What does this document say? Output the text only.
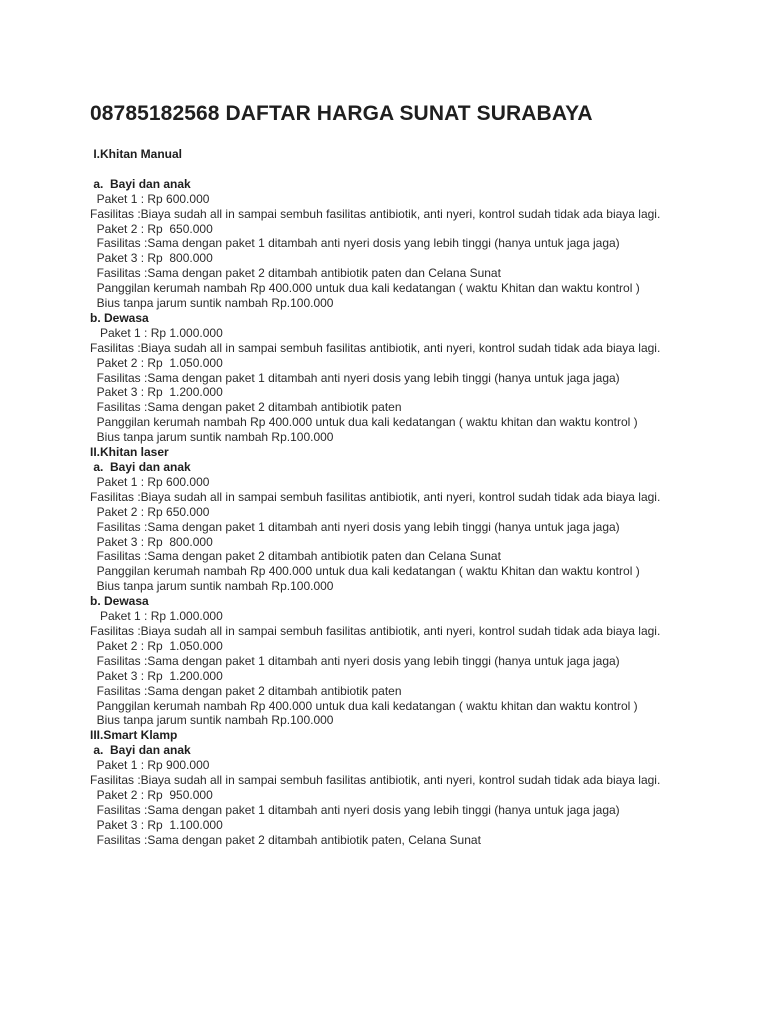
08785182568 DAFTAR HARGA SUNAT SURABAYA
I.Khitan Manual
a.  Bayi dan anak
Paket 1 : Rp 600.000
Fasilitas :Biaya sudah all in sampai sembuh fasilitas antibiotik, anti nyeri, kontrol sudah tidak ada biaya lagi.
Paket 2 : Rp  650.000
Fasilitas :Sama dengan paket 1 ditambah anti nyeri dosis yang lebih tinggi (hanya untuk jaga jaga)
Paket 3 : Rp  800.000
Fasilitas :Sama dengan paket 2 ditambah antibiotik paten dan Celana Sunat
Panggilan kerumah nambah Rp 400.000 untuk dua kali kedatangan ( waktu Khitan dan waktu kontrol )
Bius tanpa jarum suntik nambah Rp.100.000
b. Dewasa
Paket 1 : Rp 1.000.000
Fasilitas :Biaya sudah all in sampai sembuh fasilitas antibiotik, anti nyeri, kontrol sudah tidak ada biaya lagi.
Paket 2 : Rp  1.050.000
Fasilitas :Sama dengan paket 1 ditambah anti nyeri dosis yang lebih tinggi (hanya untuk jaga jaga)
Paket 3 : Rp  1.200.000
Fasilitas :Sama dengan paket 2 ditambah antibiotik paten
Panggilan kerumah nambah Rp 400.000 untuk dua kali kedatangan ( waktu khitan dan waktu kontrol )
Bius tanpa jarum suntik nambah Rp.100.000
II.Khitan laser
a.  Bayi dan anak
Paket 1 : Rp 600.000
Fasilitas :Biaya sudah all in sampai sembuh fasilitas antibiotik, anti nyeri, kontrol sudah tidak ada biaya lagi.
Paket 2 : Rp 650.000
Fasilitas :Sama dengan paket 1 ditambah anti nyeri dosis yang lebih tinggi (hanya untuk jaga jaga)
Paket 3 : Rp  800.000
Fasilitas :Sama dengan paket 2 ditambah antibiotik paten dan Celana Sunat
Panggilan kerumah nambah Rp 400.000 untuk dua kali kedatangan ( waktu Khitan dan waktu kontrol )
Bius tanpa jarum suntik nambah Rp.100.000
b. Dewasa
Paket 1 : Rp 1.000.000
Fasilitas :Biaya sudah all in sampai sembuh fasilitas antibiotik, anti nyeri, kontrol sudah tidak ada biaya lagi.
Paket 2 : Rp  1.050.000
Fasilitas :Sama dengan paket 1 ditambah anti nyeri dosis yang lebih tinggi (hanya untuk jaga jaga)
Paket 3 : Rp  1.200.000
Fasilitas :Sama dengan paket 2 ditambah antibiotik paten
Panggilan kerumah nambah Rp 400.000 untuk dua kali kedatangan ( waktu khitan dan waktu kontrol )
Bius tanpa jarum suntik nambah Rp.100.000
III.Smart Klamp
a.  Bayi dan anak
Paket 1 : Rp 900.000
Fasilitas :Biaya sudah all in sampai sembuh fasilitas antibiotik, anti nyeri, kontrol sudah tidak ada biaya lagi.
Paket 2 : Rp  950.000
Fasilitas :Sama dengan paket 1 ditambah anti nyeri dosis yang lebih tinggi (hanya untuk jaga jaga)
Paket 3 : Rp  1.100.000
Fasilitas :Sama dengan paket 2 ditambah antibiotik paten, Celana Sunat
